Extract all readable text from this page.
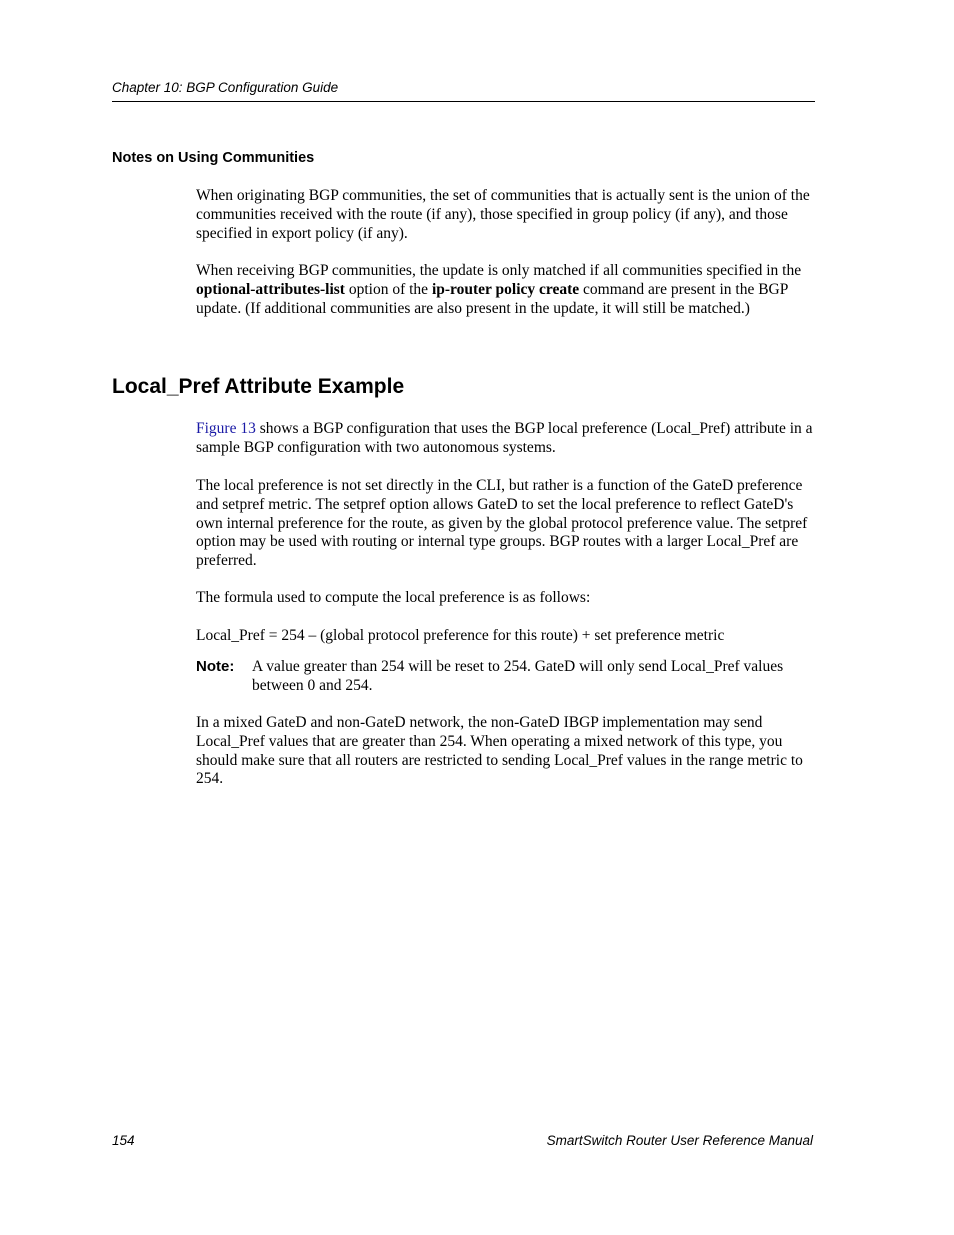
Chapter 10: BGP Configuration Guide
Notes on Using Communities

When originating BGP communities, the set of communities that is actually sent is the union of the communities received with the route (if any), those specified in group policy (if any), and those specified in export policy (if any).

When receiving BGP communities, the update is only matched if all communities specified in the optional-attributes-list option of the ip-router policy create command are present in the BGP update. (If additional communities are also present in the update, it will still be matched.)

Local_Pref Attribute Example

Figure 13 shows a BGP configuration that uses the BGP local preference (Local_Pref) attribute in a sample BGP configuration with two autonomous systems.

The local preference is not set directly in the CLI, but rather is a function of the GateD preference and setpref metric. The setpref option allows GateD to set the local preference to reflect GateD's own internal preference for the route, as given by the global protocol preference value. The setpref option may be used with routing or internal type groups. BGP routes with a larger Local_Pref are preferred.

The formula used to compute the local preference is as follows:

Local_Pref = 254 – (global protocol preference for this route) + set preference metric

Note: A value greater than 254 will be reset to 254. GateD will only send Local_Pref values between 0 and 254.

In a mixed GateD and non-GateD network, the non-GateD IBGP implementation may send Local_Pref values that are greater than 254. When operating a mixed network of this type, you should make sure that all routers are restricted to sending Local_Pref values in the range metric to 254.

154	SmartSwitch Router User Reference Manual
